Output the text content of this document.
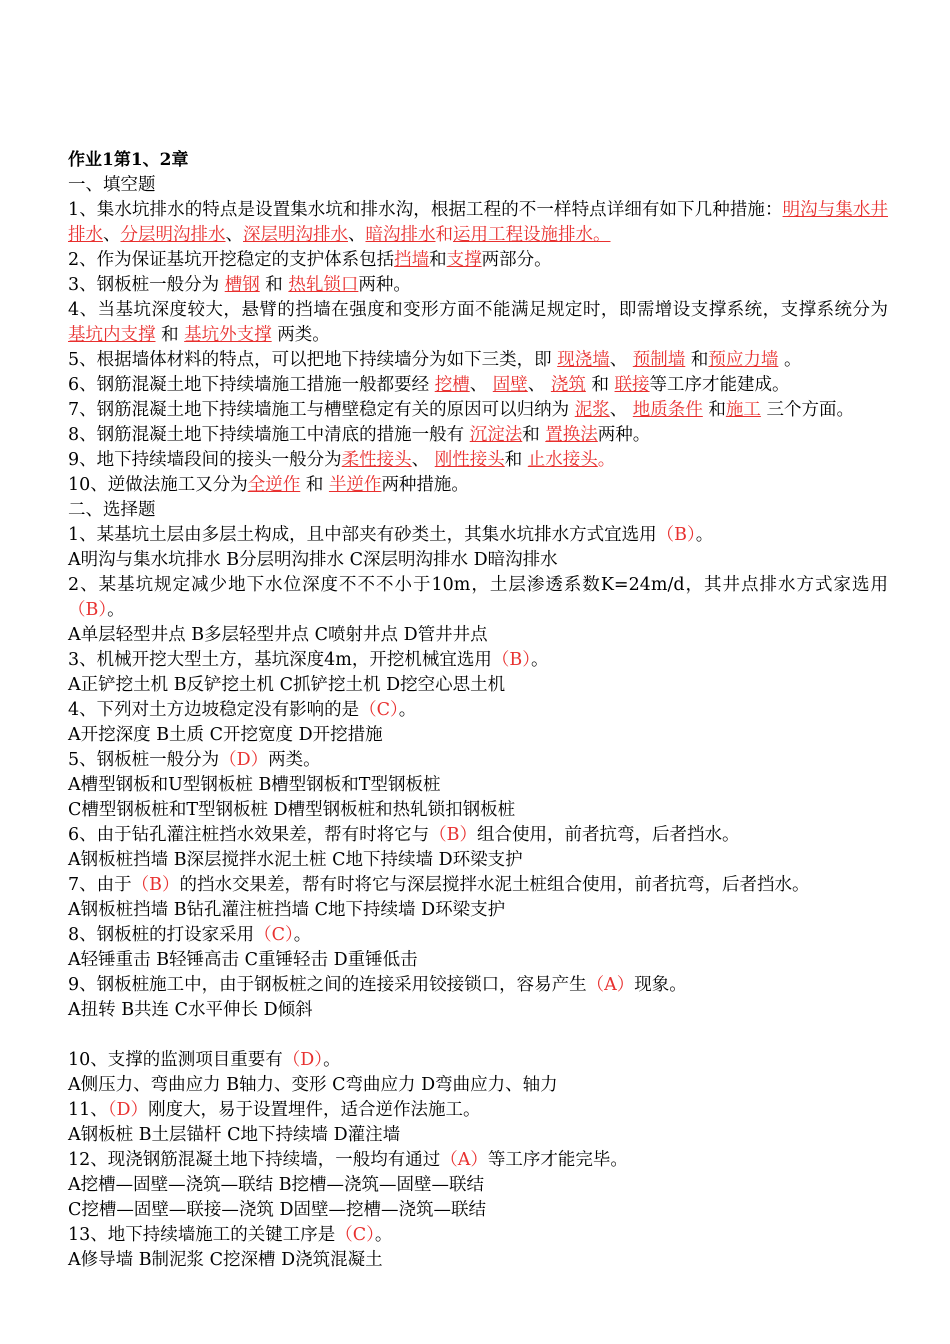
作业1第1、2章
一、填空题
1、集水坑排水的特点是设置集水坑和排水沟，根据工程的不一样特点详细有如下几种措施：明沟与集水井排水、分层明沟排水、深层明沟排水、暗沟排水和运用工程设施排水。
2、作为保证基坑开挖稳定的支护体系包括挡墙和支撑两部分。
3、钢板桩一般分为 槽钢 和 热轧锁口两种。
4、当基坑深度较大，悬臂的挡墙在强度和变形方面不能满足规定时，即需增设支撑系统，支撑系统分为 基坑内支撑 和 基坑外支撑 两类。
5、根据墙体材料的特点，可以把地下持续墙分为如下三类，即 现浇墙、 预制墙 和预应力墙 。
6、钢筋混凝土地下持续墙施工措施一般都要经 挖槽、 固壁、 浇筑 和 联接等工序才能建成。
7、钢筋混凝土地下持续墙施工与槽壁稳定有关的原因可以归纳为 泥浆、 地质条件 和施工 三个方面。
8、钢筋混凝土地下持续墙施工中清底的措施一般有 沉淀法和 置换法两种。
9、地下持续墙段间的接头一般分为柔性接头、 刚性接头和 止水接头。
10、逆做法施工又分为全逆作 和 半逆作两种措施。
二、选择题
1、某基坑土层由多层土构成，且中部夹有砂类土，其集水坑排水方式宜选用（B）。
A明沟与集水坑排水 B分层明沟排水 C深层明沟排水 D暗沟排水
2、某基坑规定减少地下水位深度不不不小于10m，土层渗透系数K=24m/d，其井点排水方式家选用（B）。
A单层轻型井点 B多层轻型井点 C喷射井点 D管井井点
3、机械开挖大型土方，基坑深度4m，开挖机械宜选用（B）。
A正铲挖土机 B反铲挖土机 C抓铲挖土机 D挖空心思土机
4、下列对土方边坡稳定没有影响的是（C）。
A开挖深度 B土质 C开挖宽度 D开挖措施
5、钢板桩一般分为（D）两类。
A槽型钢板和U型钢板桩 B槽型钢板和T型钢板桩
C槽型钢板桩和T型钢板桩 D槽型钢板桩和热轧锁扣钢板桩
6、由于钻孔灌注桩挡水效果差，帮有时将它与（B）组合使用，前者抗弯，后者挡水。
A钢板桩挡墙 B深层搅拌水泥土桩 C地下持续墙 D环梁支护
7、由于（B）的挡水交果差，帮有时将它与深层搅拌水泥土桩组合使用，前者抗弯，后者挡水。
A钢板桩挡墙 B钻孔灌注桩挡墙 C地下持续墙 D环梁支护
8、钢板桩的打设家采用（C）。
A轻锤重击 B轻锤高击 C重锤轻击 D重锤低击
9、钢板桩施工中，由于钢板桩之间的连接采用铰接锁口，容易产生（A）现象。
A扭转 B共连 C水平伸长 D倾斜
10、支撑的监测项目重要有（D）。
A侧压力、弯曲应力 B轴力、变形 C弯曲应力 D弯曲应力、轴力
11、（D）刚度大，易于设置埋件，适合逆作法施工。
A钢板桩 B土层锚杆 C地下持续墙 D灌注墙
12、现浇钢筋混凝土地下持续墙，一般均有通过（A）等工序才能完毕。
A挖槽—固壁—浇筑—联结 B挖槽—浇筑—固壁—联结
C挖槽—固壁—联接—浇筑 D固壁—挖槽—浇筑—联结
13、地下持续墙施工的关键工序是（C）。
A修导墙 B制泥浆 C挖深槽 D浇筑混凝土
